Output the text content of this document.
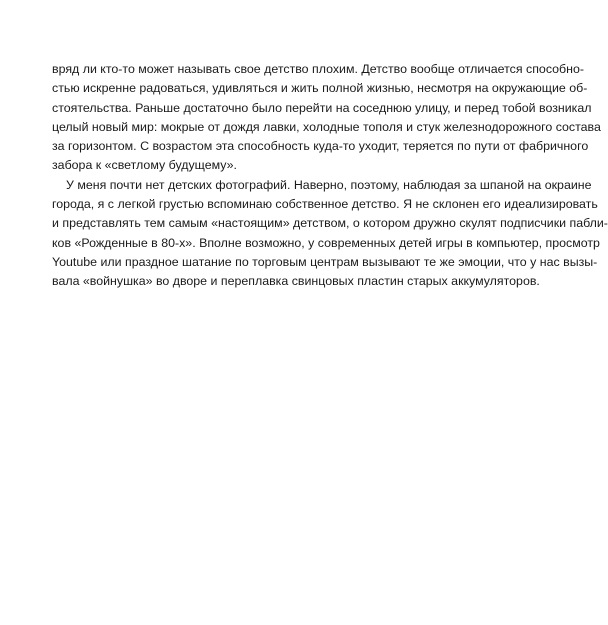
вряд ли кто-то может называть свое детство плохим. Детство вообще отличается способно-
стью искренне радоваться, удивляться и жить полной жизнью, несмотря на окружающие об-
стоятельства. Раньше достаточно было перейти на соседнюю улицу, и перед тобой возникал
целый новый мир: мокрые от дождя лавки, холодные тополя и стук железнодорожного состава
за горизонтом. С возрастом эта способность куда-то уходит, теряется по пути от фабричного
забора к «светлому будущему».
У меня почти нет детских фотографий. Наверно, поэтому, наблюдая за шпаной на окраине
города, я с легкой грустью вспоминаю собственное детство. Я не склонен его идеализировать
и представлять тем самым «настоящим» детством, о котором дружно скулят подписчики пабли-
ков «Рожденные в 80-х». Вполне возможно, у современных детей игры в компьютер, просмотр
Youtube или праздное шатание по торговым центрам вызывают те же эмоции, что у нас вызы-
вала «войнушка» во дворе и переплавка свинцовых пластин старых аккумуляторов.
